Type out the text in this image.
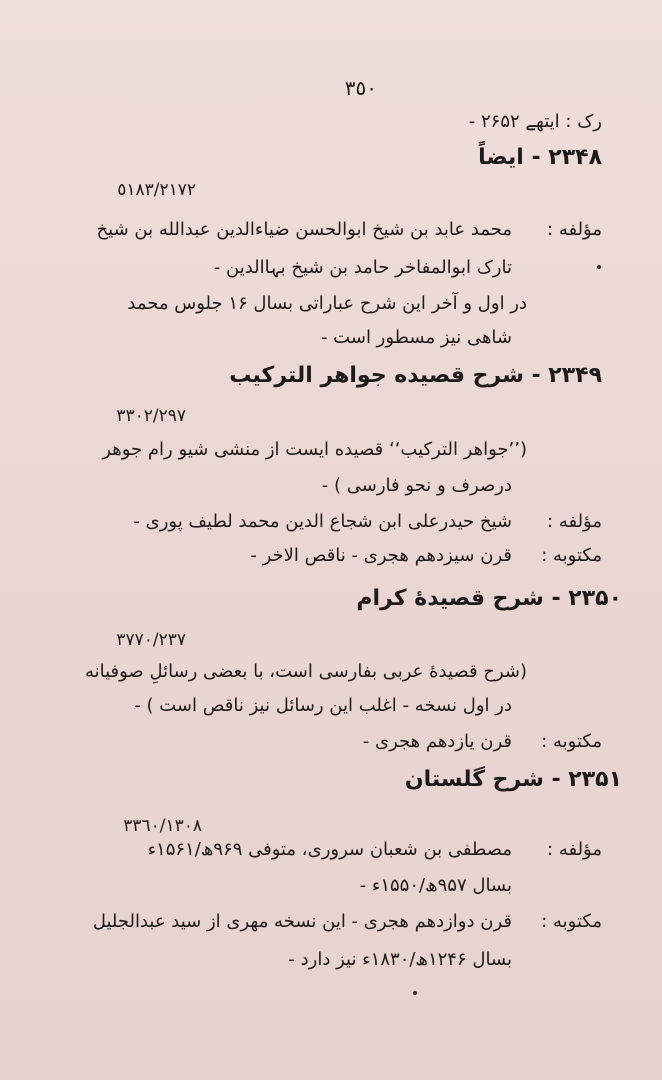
٣٥٠
رک : ایتھے ۲۶۵۲ -
۲۳۴۸ - ایضاً
٥١٨٣/٢١٧٢
مؤلفه :
محمد عابد بن شیخ ابوالحسن ضیاءالدین عبدالله بن شیخ
تارک ابوالمفاخر حامد بن شیخ بہاالدین -
در اول و آخر این شرح عباراتی بسال ۱۶ جلوس محمد
شاهی نیز مسطور است -
۲۳۴۹ - شرح قصیده جواهر الترکیب
٣٣٠٢/٢٩٧
(’’جواهر الترکیب‘‘ قصیده ایست از منشی شیو رام جوهر
درصرف و نحو فارسی ) -
مؤلفه :
شیخ حیدرعلی ابن شجاع الدین محمد لطیف پوری -
مکتوبه :
قرن سیزدهم هجری - ناقص الاخر -
۲۳۵۰ - شرح قصیدهٔ کرام
٣٧٧٠/٢٣٧
(شرح قصیدهٔ عربی بفارسی است، با بعضی رسائلِ صوفیانه
در اول نسخه - اغلب این رسائل نیز ناقص است ) -
مکتوبه :
قرن یازدهم هجری -
۲۳۵۱ - شرح گلستان
٣٣٦٠/١٣٠٨
مؤلفه :
مصطفی بن شعبان سروری، متوفی ۹۶۹ھ/۱۵۶۱ء
بسال ۹۵۷ھ/۱۵۵۰ء -
مکتوبه :
قرن دوازدهم هجری - این نسخه مهری از سید عبدالجلیل
بسال ۱۲۴۶ھ/۱۸۳۰ء نیز دارد -
